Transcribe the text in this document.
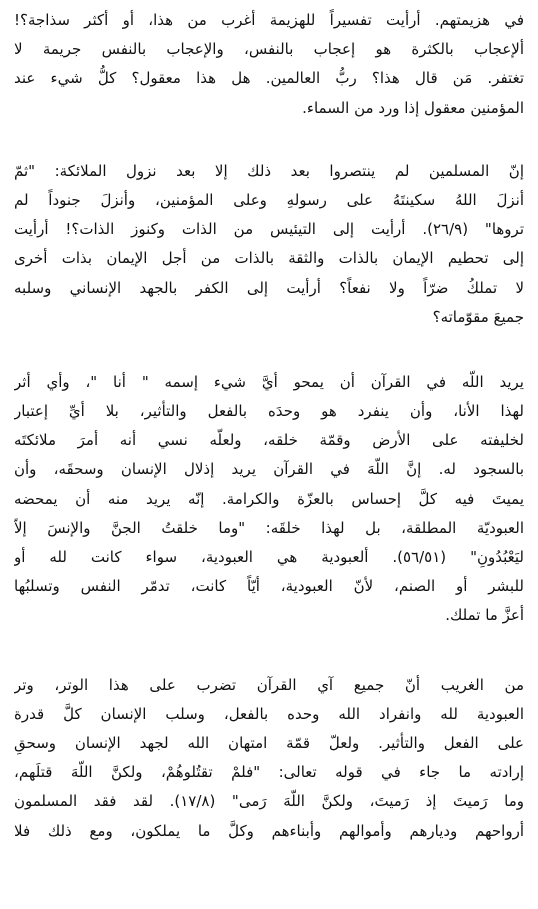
في هزيمتهم. أرأيت تفسيراً للهزيمة أغرب من هذا، أو أكثر سذاجة؟!
ألإعجاب بالكثرة هو إعجاب بالنفس، والإعجاب بالنفس جريمة لا
تغتفر. مَن قال هذا؟ ربُّ العالمين. هل هذا معقول؟ كلُّ شيء عند
المؤمنين معقول إذا ورد من السماء.
إنّ المسلمين لم ينتصروا بعد ذلك إلا بعد نزول الملائكة: "ثمّ
أنزلَ اللهُ سكينتَهُ على رسولهِ وعلى المؤمنين، وأنزلَ جنوداً لم
تروها" (٢٦/٩). أرأيت إلى التيئيس من الذات وكنوز الذات؟! أرأيت
إلى تحطيم الإيمان بالذات والثقة بالذات من أجل الإيمان بذات أخرى
لا تملكُ ضرّاً ولا نفعاً؟ أرأيت إلى الكفر بالجهد الإنساني وسلبه
جميعَ مقوّماته؟
يريد اللّه في القرآن أن يمحو أيَّ شيء إسمه " أنا "، وأي أثر
لهذا الأنا، وأن ينفرد هو وحدَه بالفعل والتأثير، بلا أيِّ إعتبار
لخليفته على الأرض وقمّة خلقه، ولعلّه نسي أنه أمرَ ملائكتَه
بالسجود له. إنَّ اللّهَ في القرآن يريد إذلال الإنسان وسحقَه، وأن
يميتَ فيه كلَّ إحساس بالعزّة والكرامة. إنّه يريد منه أن يمحضه
العبوديّة المطلقة، بل لهذا خلقَه: "وما خلقتُ الجنَّ والإنسَ إلاّ
ليَعْبُدُونِ" (٥٦/٥١). ألعبودية هي العبودية، سواء كانت لله أو
للبشر أو الصنم، لأنّ العبودية، أيّاً كانت، تدمّر النفس وتسلبُها
أعزَّ ما تملك.
من الغريب أنّ جميع آي القرآن تضرب على هذا الوتر، وتر
العبودية لله وانفراد الله وحده بالفعل، وسلب الإنسان كلَّ قدرة
على الفعل والتأثير. ولعلّ قمّة امتهان الله لجهد الإنسان وسحقِ
إرادته ما جاء في قوله تعالى: "فلمْ تقتُلوهُمْ، ولكنَّ اللّهَ قتلَهم،
وما رَميتَ إذ رَميتَ، ولكنَّ اللّهَ رَمى" (١٧/٨). لقد فقد المسلمون
أرواحهم وديارهم وأموالهم وأبناءهم وكلَّ ما يملكون، ومع ذلك فلا
